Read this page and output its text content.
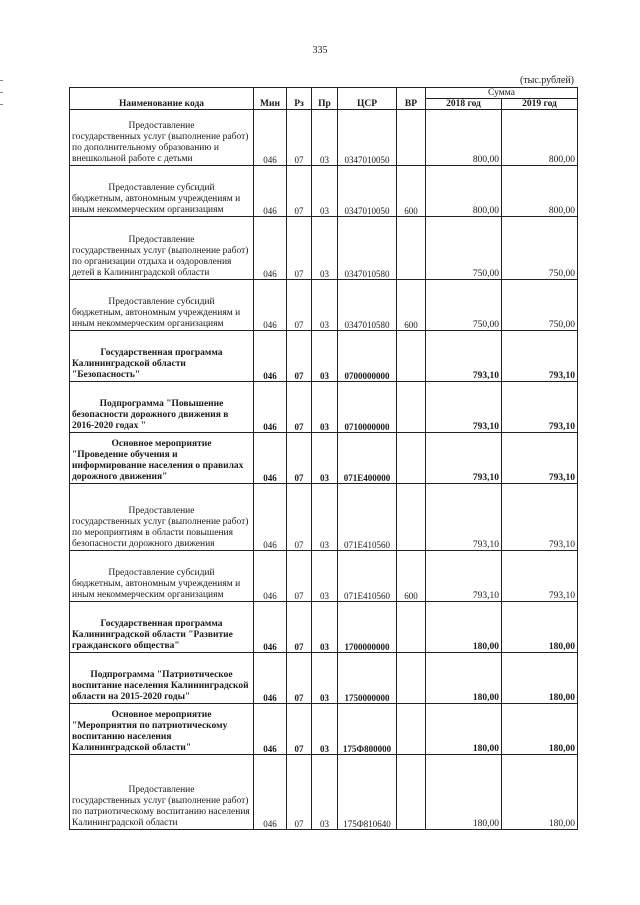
335
(тыс.рублей)
Наименование кода	Мин	Рз	Пр	ЦСР	ВР	Сумма	
						2018 год	2019 год

Предоставление
государственных услуг (выполнение работ) по дополнительному образованию и внешкольной работе с детьми	046	07	03	0347010050		800,00	800,00

Предоставление субсидий
бюджетным, автономным учреждениям и иным некоммерческим организациям	046	07	03	0347010050	600	800,00	800,00

Предоставление
государственных услуг (выполнение работ) по организации отдыха и оздоровления детей в Калининградской области	046	07	03	0347010580		750,00	750,00

Предоставление субсидий
бюджетным, автономным учреждениям и иным некоммерческим организациям	046	07	03	0347010580	600	750,00	750,00

Государственная программа
Калининградской области "Безопасность"	046	07	03	0700000000		793,10	793,10

Подпрограмма "Повышение
безопасности дорожного движения в 2016-2020 годах "	046	07	03	0710000000		793,10	793,10

Основное мероприятие
"Проведение обучения и информирование населения о правилах дорожного движения"	046	07	03	071E400000		793,10	793,10

Предоставление
государственных услуг (выполнение работ) по мероприятиям в области повышения безопасности дорожного движения	046	07	03	071E410560		793,10	793,10

Предоставление субсидий
бюджетным, автономным учреждениям и иным некоммерческим организациям	046	07	03	071E410560	600	793,10	793,10

Государственная программа
Калининградской области "Развитие гражданского общества"	046	07	03	1700000000		180,00	180,00

Подпрограмма "Патриотическое
воспитание населения Калининградской области на 2015-2020 годы"	046	07	03	1750000000		180,00	180,00

Основное мероприятие
"Мероприятия по патриотическому воспитанию населения Калининградской области"	046	07	03	175Ф800000		180,00	180,00

Предоставление
государственных услуг (выполнение работ) по патриотическому воспитанию населения Калининградской области	046	07	03	175Ф810640		180,00	180,00
